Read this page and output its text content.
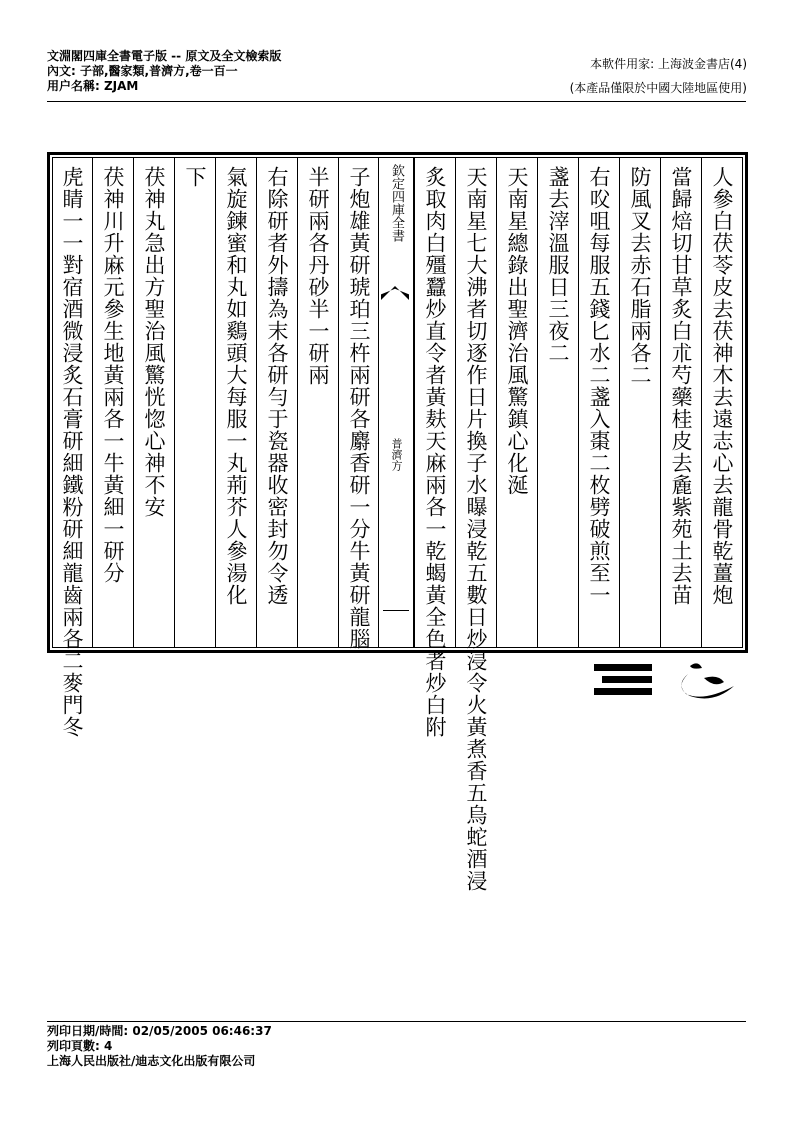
文淵閣四庫全書電子版 -- 原文及全文檢索版
內文: 子部,醫家類,普濟方,卷一百一
用户名稱: ZJAM
本軟件用家: 上海波金書店(4)
(本產品僅限於中國大陸地區使用)
人參白茯苓皮去茯神木去遠志心去龍骨乾薑炮
當歸焙切甘草炙白朮芍藥桂皮去麁紫苑土去苗
防風叉去赤石脂兩各二
右㕮咀每服五錢匕水二盞入棗二枚劈破煎至一
盞去滓溫服日三夜二
天南星總錄出聖濟治風驚鎮心化涎
天南星七大沸者切逐作日片換子水曝浸乾五數日炒浸令火黃煮香五烏蛇酒浸
炙取肉白殭蠶炒直令者黃麸天麻兩各一乾蝎黃全色者炒白附
欽定四庫全書
普濟方
子炮雄黃研琥珀三杵兩研各麝香研一分牛黃研龍腦
半研兩各丹砂半一研兩
右除研者外擣為末各研勻于瓷器收密封勿令透
氣旋鍊蜜和丸如鷄頭大每服一丸荊芥人參湯化
下
茯神丸急出方聖治風驚恍惚心神不安
茯神川升麻元參生地黃兩各一牛黃細一研分
虎睛一一對宿酒微浸炙石膏研細鐵粉研細龍齒兩各二麥門冬
列印日期/時間: 02/05/2005 06:46:37
列印頁數: 4
上海人民出版社/迪志文化出版有限公司
